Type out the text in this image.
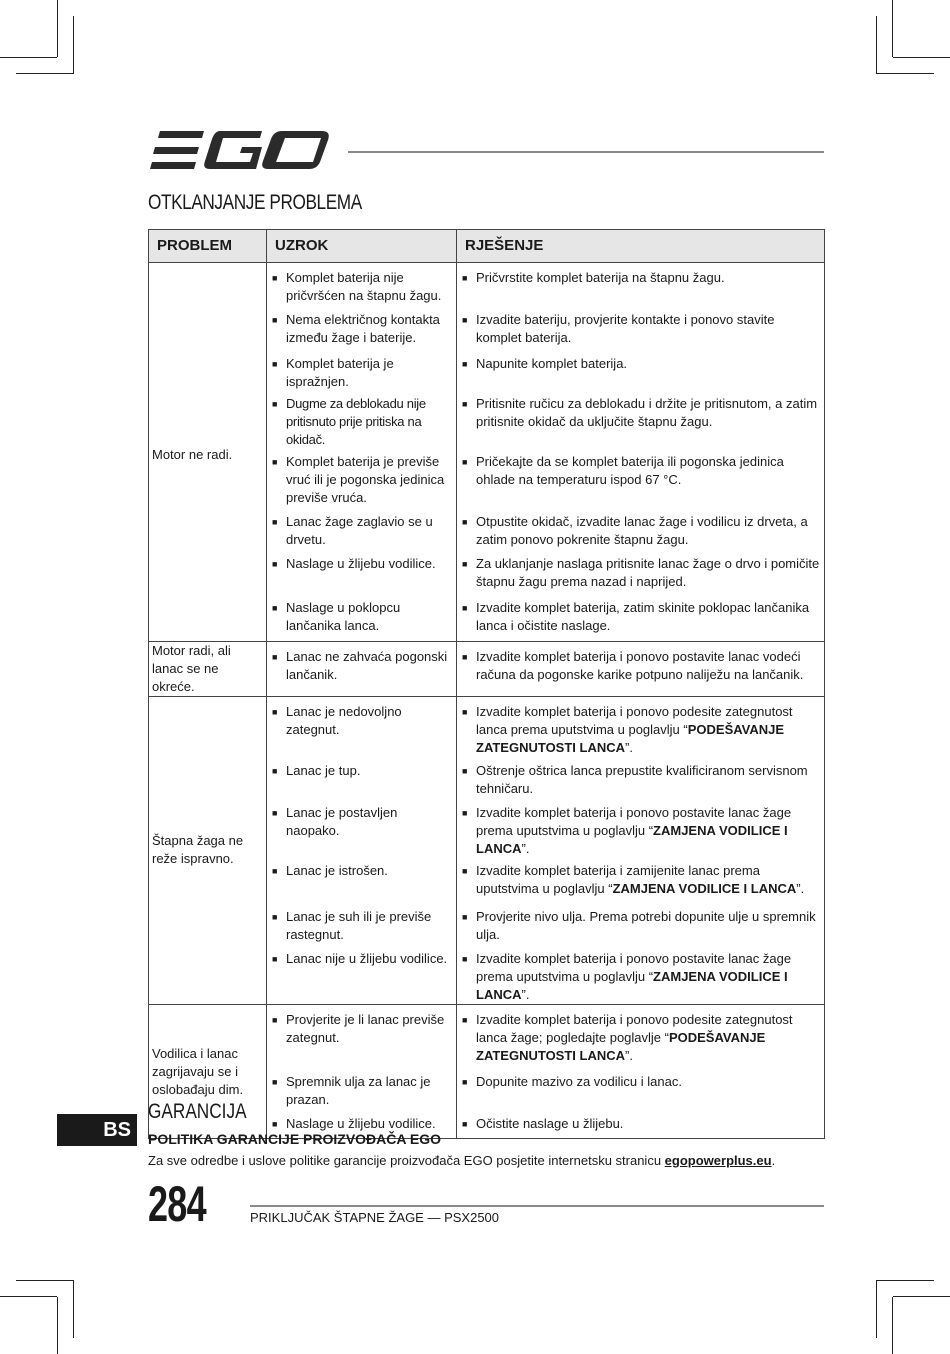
OTKLANJANJE PROBLEMA
PROBLEM	UZROK	RJEŠENJE
Motor ne radi.	■ Komplet baterija nije pričvršćen na štapnu žagu.	■ Pričvrstite komplet baterija na štapnu žagu.

	■ Nema električnog kontakta između žage i baterije.	■ Izvadite bateriju, provjerite kontakte i ponovo stavite komplet baterija.

	■ Komplet baterija je ispražnjen.	■ Napunite komplet baterija.

	■ Dugme za deblokadu nije pritisnuto prije pritiska na okidač.	■ Pritisnite ručicu za deblokadu i držite je pritisnutom, a zatim pritisnite okidač da uključite štapnu žagu.

	■ Komplet baterija je previše vruć ili je pogonska jedinica previše vruća.	■ Pričekajte da se komplet baterija ili pogonska jedinica ohlade na temperaturu ispod 67 °C.

	■ Lanac žage zaglavio se u drvetu.	■ Otpustite okidač, izvadite lanac žage i vodilicu iz drveta, a zatim ponovo pokrenite štapnu žagu.

	■ Naslage u žlijebu vodilice.	■ Za uklanjanje naslaga pritisnite lanac žage o drvo i pomičite štapnu žagu prema nazad i naprijed.

	■ Naslage u poklopcu lančanika lanca.	■ Izvadite komplet baterija, zatim skinite poklopac lančanika lanca i očistite naslage.

Motor radi, ali lanac se ne okreće.	■ Lanac ne zahvaća pogonski lančanik.	■ Izvadite komplet baterija i ponovo postavite lanac vodeći računa da pogonske karike potpuno naliježu na lančanik.

Štapna žaga ne reže ispravno.	■ Lanac je nedovoljno zategnut.	■ Izvadite komplet baterija i ponovo podesite zategnutost lanca prema uputstvima u poglavlju “PODEŠAVANJE ZATEGNUTOSTI LANCA”.

	■ Lanac je tup.	■ Oštrenje oštrica lanca prepustite kvalificiranom servisnom tehničaru.

	■ Lanac je postavljen naopako.	■ Izvadite komplet baterija i ponovo postavite lanac žage prema uputstvima u poglavlju “ZAMJENA VODILICE I LANCA”.

	■ Lanac je istrošen.	■ Izvadite komplet baterija i zamijenite lanac prema uputstvima u poglavlju “ZAMJENA VODILICE I LANCA”.

	■ Lanac je suh ili je previše rastegnut.	■ Provjerite nivo ulja. Prema potrebi dopunite ulje u spremnik ulja.

	■ Lanac nije u žlijebu vodilice.	■ Izvadite komplet baterija i ponovo postavite lanac žage prema uputstvima u poglavlju “ZAMJENA VODILICE I LANCA”.

Vodilica i lanac zagrijavaju se i oslobađaju dim.	■ Provjerite je li lanac previše zategnut.	■ Izvadite komplet baterija i ponovo podesite zategnutost lanca žage; pogledajte poglavlje “PODEŠAVANJE ZATEGNUTOSTI LANCA”.

	■ Spremnik ulja za lanac je prazan.	■ Dopunite mazivo za vodilicu i lanac.

	■ Naslage u žlijebu vodilice.	■ Očistite naslage u žlijebu.
BS
GARANCIJA
POLITIKA GARANCIJE PROIZVOĐAČA EGO
Za sve odredbe i uslove politike garancije proizvođača EGO posjetite internetsku stranicu egopowerplus.eu.
284	PRIKLJUČAK ŠTAPNE ŽAGE — PSX2500
